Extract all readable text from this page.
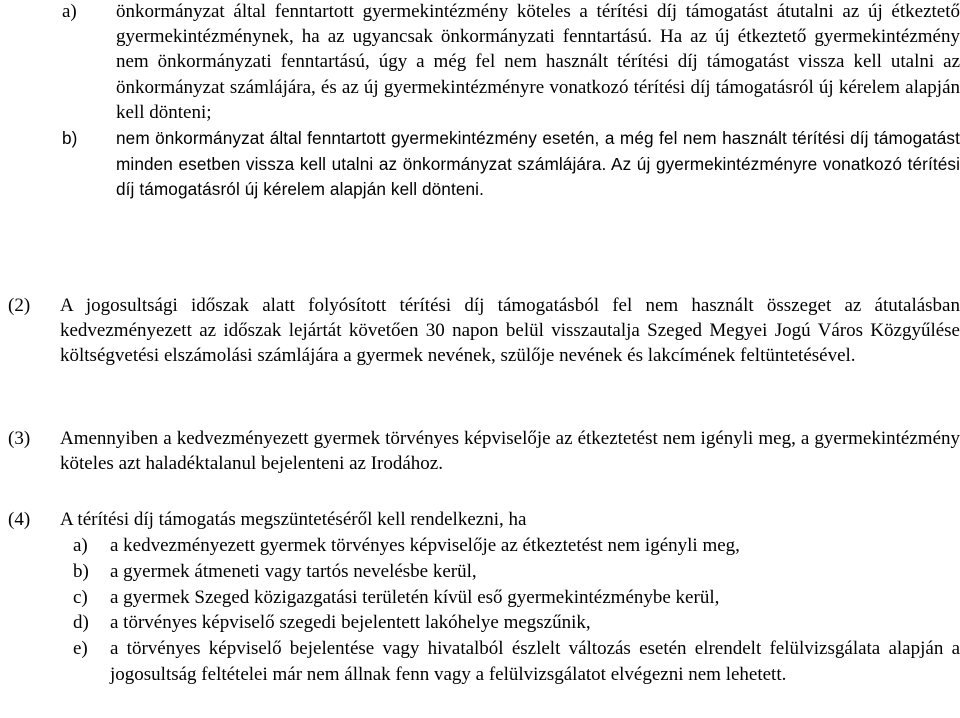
a)	önkormányzat által fenntartott gyermekintézmény köteles a térítési díj támogatást átutalni az új étkeztető gyermekintézménynek, ha az ugyancsak önkormányzati fenntartású. Ha az új étkeztető gyermekintézmény nem önkormányzati fenntartású, úgy a még fel nem használt térítési díj támogatást vissza kell utalni az önkormányzat számlájára, és az új gyermekintézményre vonatkozó térítési díj támogatásról új kérelem alapján kell dönteni;
b)	nem önkormányzat által fenntartott gyermekintézmény esetén, a még fel nem használt térítési díj támogatást minden esetben vissza kell utalni az önkormányzat számlájára. Az új gyermekintézményre vonatkozó térítési díj támogatásról új kérelem alapján kell dönteni.
(2)	A jogosultsági időszak alatt folyósított térítési díj támogatásból fel nem használt összeget az átutalásban kedvezményezett az időszak lejártát követően 30 napon belül visszautalja Szeged Megyei Jogú Város Közgyűlése költségvetési elszámolási számlájára a gyermek nevének, szülője nevének és lakcímének feltüntetésével.
(3)	Amennyiben a kedvezményezett gyermek törvényes képviselője az étkeztetést nem igényli meg, a gyermekintézmény köteles azt haladéktalanul bejelenteni az Irodához.
(4)	A térítési díj támogatás megszüntetéséről kell rendelkezni, ha
a)	a kedvezményezett gyermek törvényes képviselője az étkeztetést nem igényli meg,
b)	a gyermek átmeneti vagy tartós nevelésbe kerül,
c)	a gyermek Szeged közigazgatási területén kívül eső gyermekintézménybe kerül,
d)	a törvényes képviselő szegedi bejelentett lakóhelye megszűnik,
e)	a törvényes képviselő bejelentése vagy hivatalból észlelt változás esetén elrendelt felülvizsgálata alapján a jogosultság feltételei már nem állnak fenn vagy a felülvizsgálatot elvégezni nem lehetett.
